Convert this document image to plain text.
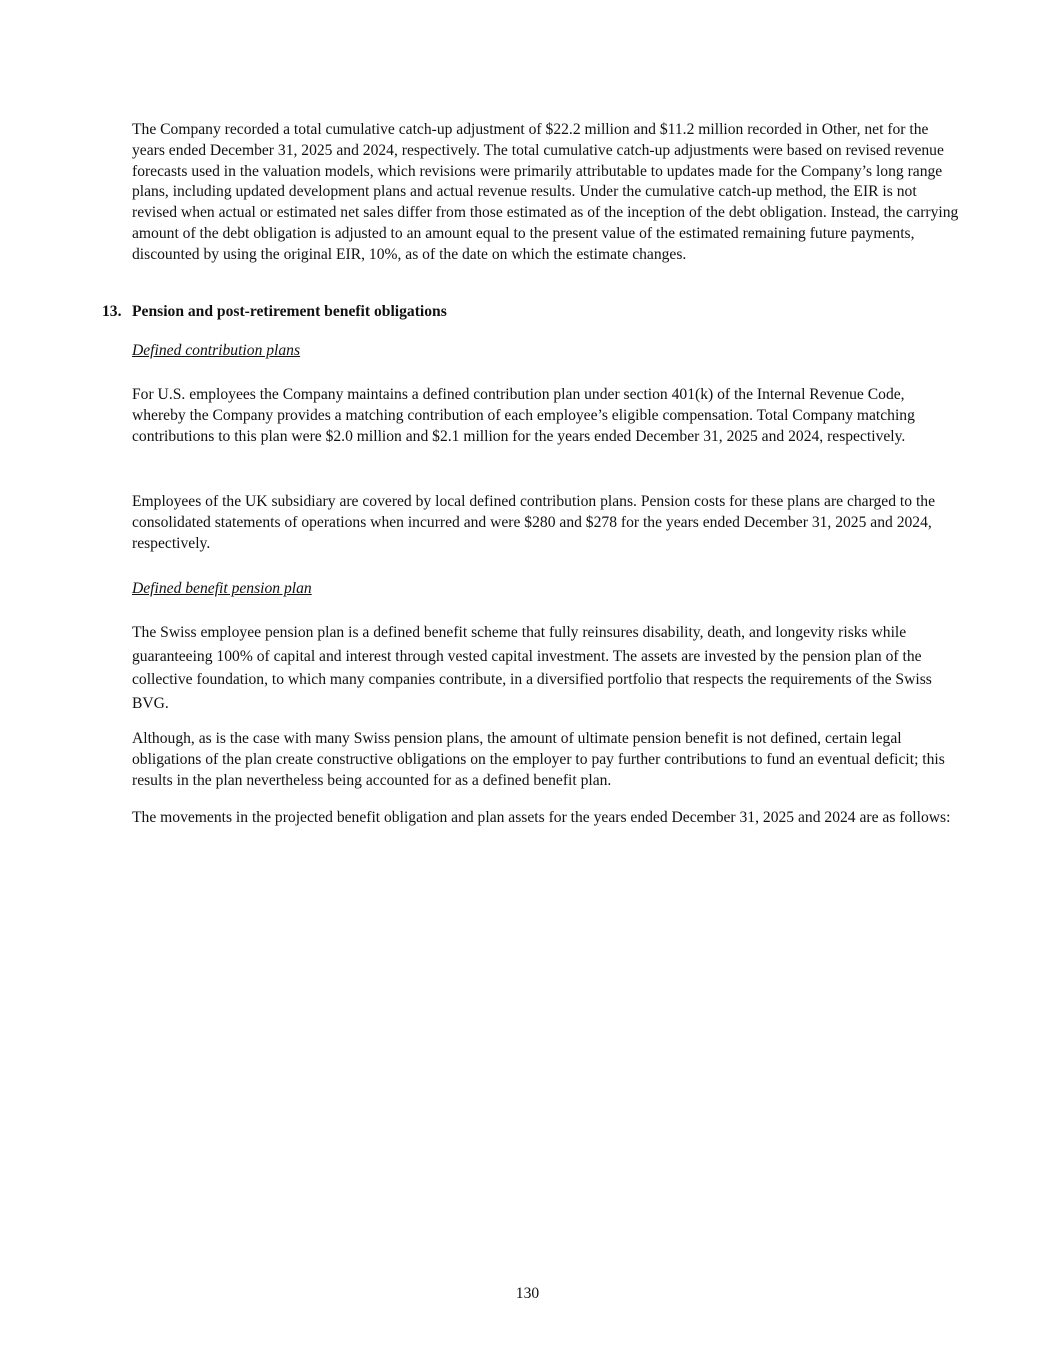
The Company recorded a total cumulative catch-up adjustment of $22.2 million and $11.2 million recorded in Other, net for the years ended December 31, 2025 and 2024, respectively. The total cumulative catch-up adjustments were based on revised revenue forecasts used in the valuation models, which revisions were primarily attributable to updates made for the Company’s long range plans, including updated development plans and actual revenue results. Under the cumulative catch-up method, the EIR is not revised when actual or estimated net sales differ from those estimated as of the inception of the debt obligation. Instead, the carrying amount of the debt obligation is adjusted to an amount equal to the present value of the estimated remaining future payments, discounted by using the original EIR, 10%, as of the date on which the estimate changes.

13. Pension and post-retirement benefit obligations

Defined contribution plans

For U.S. employees the Company maintains a defined contribution plan under section 401(k) of the Internal Revenue Code, whereby the Company provides a matching contribution of each employee’s eligible compensation. Total Company matching contributions to this plan were $2.0 million and $2.1 million for the years ended December 31, 2025 and 2024, respectively.

Employees of the UK subsidiary are covered by local defined contribution plans. Pension costs for these plans are charged to the consolidated statements of operations when incurred and were $280 and $278 for the years ended December 31, 2025 and 2024, respectively.

Defined benefit pension plan

The Swiss employee pension plan is a defined benefit scheme that fully reinsures disability, death, and longevity risks while guaranteeing 100% of capital and interest through vested capital investment. The assets are invested by the pension plan of the collective foundation, to which many companies contribute, in a diversified portfolio that respects the requirements of the Swiss BVG.

Although, as is the case with many Swiss pension plans, the amount of ultimate pension benefit is not defined, certain legal obligations of the plan create constructive obligations on the employer to pay further contributions to fund an eventual deficit; this results in the plan nevertheless being accounted for as a defined benefit plan.

The movements in the projected benefit obligation and plan assets for the years ended December 31, 2025 and 2024 are as follows:

130
